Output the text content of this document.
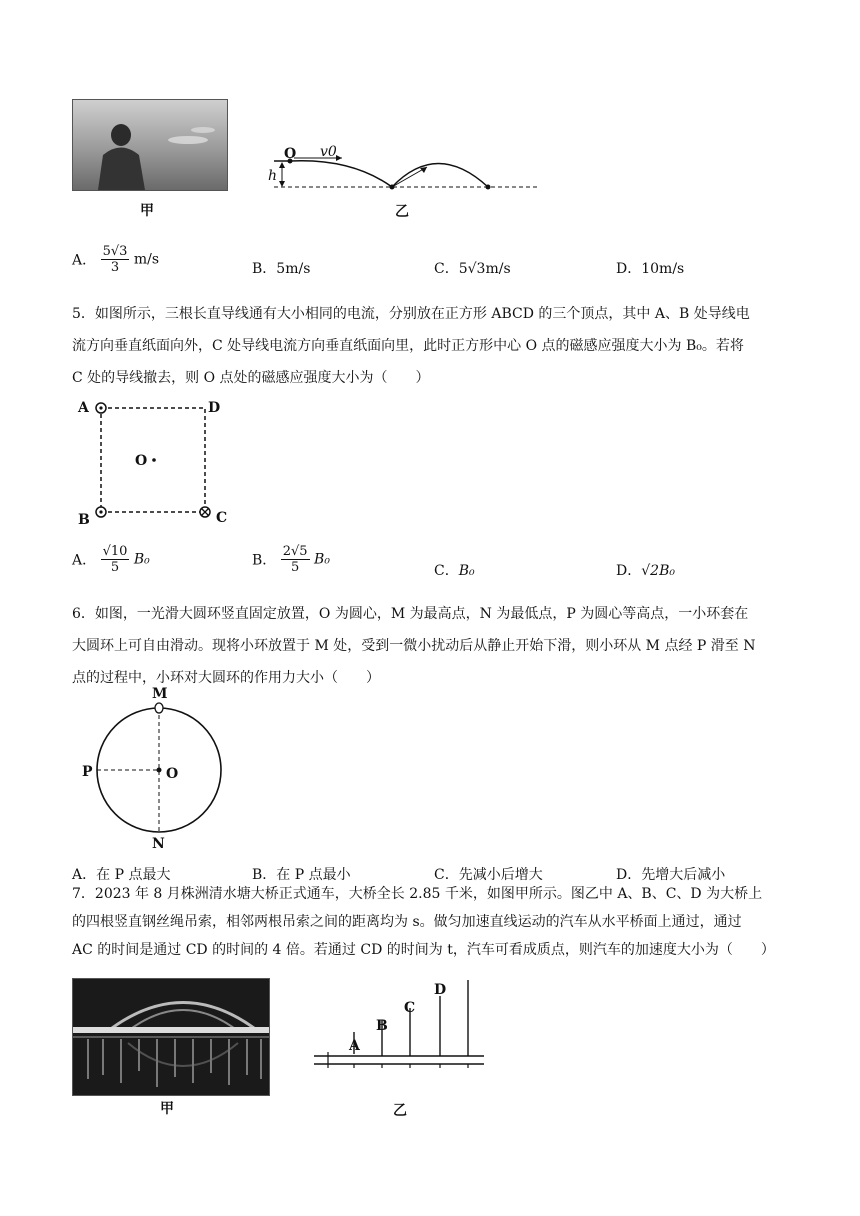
甲
O v0
h
乙
A． $\frac{5√3}{3} m/s$
B．5m/s	C．5√3m/s	D．10m/s
5．如图所示，三根长直导线通有大小相同的电流，分别放在正方形 ABCD 的三个顶点，其中 A、B 处导线电
流方向垂直纸面向外，C 处导线电流方向垂直纸面向里，此时正方形中心 O 点的磁感应强度大小为 B₀。若将
C 处的导线撤去，则 O 点处的磁感应强度大小为（　　）
A	D
B	C
O
A． $\frac{√10}{5} B_0$	B． $\frac{2√5}{5} B_0$
C．B₀	D．√2B₀
6．如图，一光滑大圆环竖直固定放置，O 为圆心，M 为最高点，N 为最低点，P 为圆心等高点，一小环套在
大圆环上可自由滑动。现将小环放置于 M 处，受到一微小扰动后从静止开始下滑，则小环从 M 点经 P 滑至 N
点的过程中，小环对大圆环的作用力大小（　　）
M
N
P	O
A．在 P 点最大	B．在 P 点最小	C．先减小后增大	D．先增大后减小
7．2023 年 8 月株洲清水塘大桥正式通车，大桥全长 2.85 千米，如图甲所示。图乙中 A、B、C、D 为大桥上
的四根竖直钢丝绳吊索，相邻两根吊索之间的距离均为 s。做匀加速直线运动的汽车从水平桥面上通过，通过
AC 的时间是通过 CD 的时间的 4 倍。若通过 CD 的时间为 t，汽车可看成质点，则汽车的加速度大小为（　　）
甲
A
B
C
D
乙
